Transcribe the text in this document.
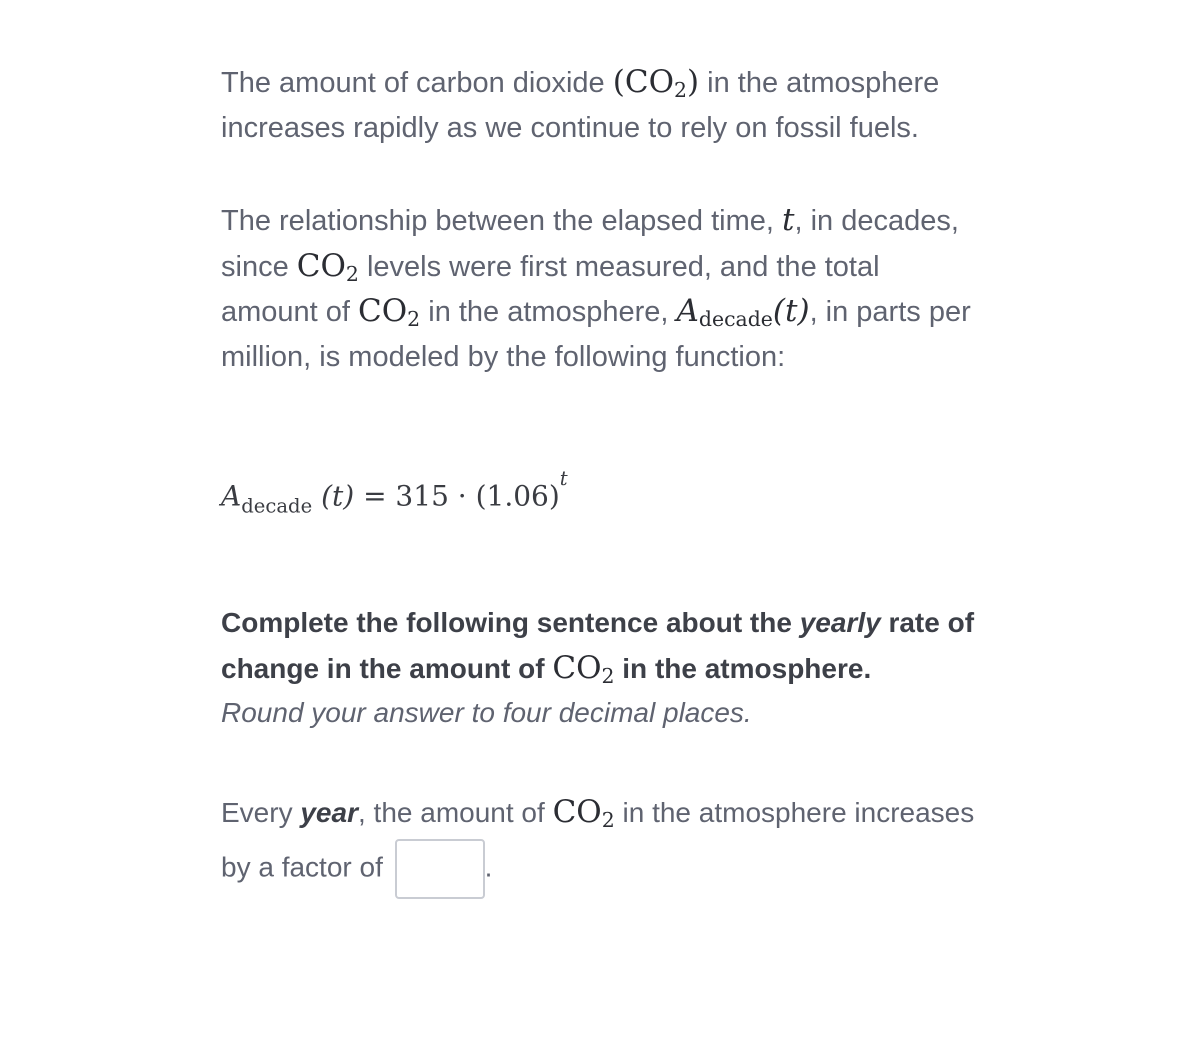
The amount of carbon dioxide $(CO_2)$ in the atmosphere increases rapidly as we continue to rely on fossil fuels.

The relationship between the elapsed time, t, in decades, since $CO_2$ levels were first measured, and the total amount of $CO_2$ in the atmosphere, $A_{decade}(t)$, in parts per million, is modeled by the following function:

$A_{decade}$ $(t) = 315 \cdot (1.06)^t$
Complete the following sentence about the yearly rate of change in the amount of $CO_2$ in the atmosphere.
Round your answer to four decimal places.
Every year, the amount of $CO_2$ in the atmosphere increases by a factor of	.
